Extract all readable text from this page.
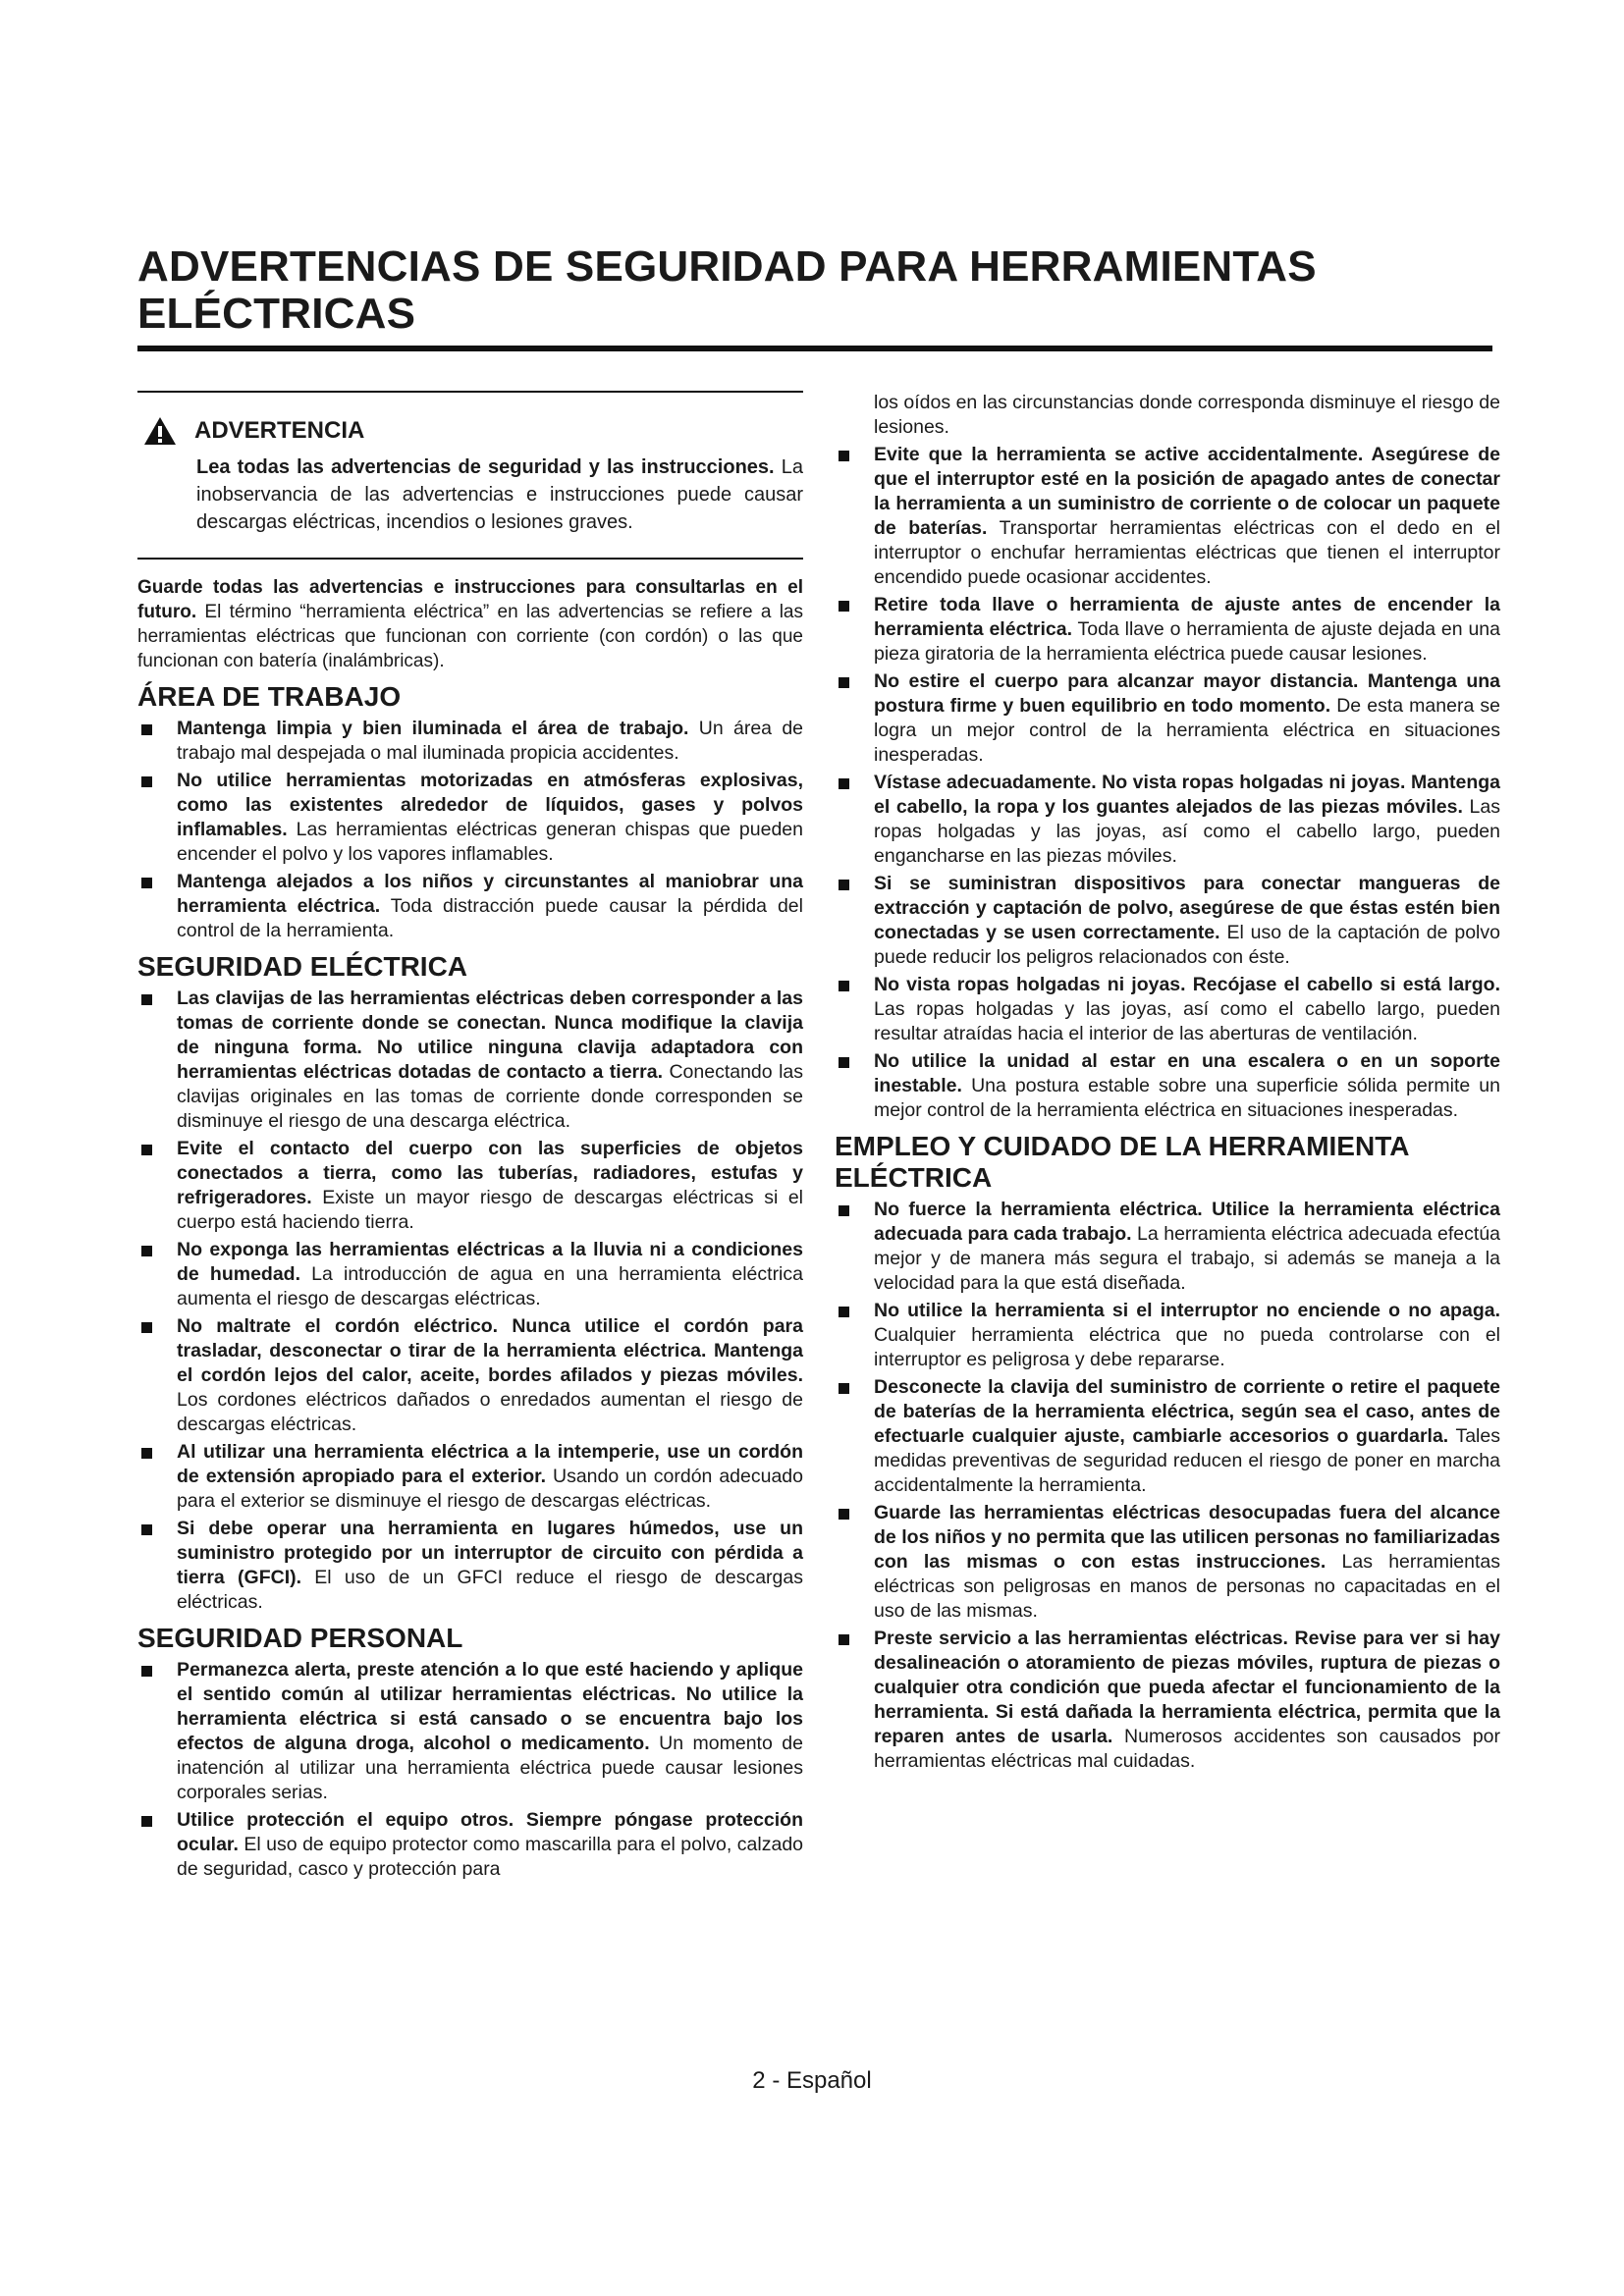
ADVERTENCIAS DE SEGURIDAD PARA HERRAMIENTAS ELÉCTRICAS
ADVERTENCIA

Lea todas las advertencias de seguridad y las instrucciones. La inobservancia de las advertencias e instrucciones puede causar descargas eléctricas, incendios o lesiones graves.

Guarde todas las advertencias e instrucciones para consultarlas en el futuro. El término “herramienta eléctrica” en las advertencias se refiere a las herramientas eléctricas que funcionan con corriente (con cordón) o las que funcionan con batería (inalámbricas).

ÁREA DE TRABAJO
Mantenga limpia y bien iluminada el área de trabajo. Un área de trabajo mal despejada o mal iluminada propicia accidentes.
No utilice herramientas motorizadas en atmósferas explosivas, como las existentes alrededor de líquidos, gases y polvos inflamables. Las herramientas eléctricas generan chispas que pueden encender el polvo y los vapores inflamables.
Mantenga alejados a los niños y circunstantes al maniobrar una herramienta eléctrica. Toda distracción puede causar la pérdida del control de la herramienta.
SEGURIDAD ELÉCTRICA
Las clavijas de las herramientas eléctricas deben corresponder a las tomas de corriente donde se conectan. Nunca modifique la clavija de ninguna forma. No utilice ninguna clavija adaptadora con herramientas eléctricas dotadas de contacto a tierra. Conectando las clavijas originales en las tomas de corriente donde corresponden se disminuye el riesgo de una descarga eléctrica.
Evite el contacto del cuerpo con las superficies de objetos conectados a tierra, como las tuberías, radiadores, estufas y refrigeradores. Existe un mayor riesgo de descargas eléctricas si el cuerpo está haciendo tierra.
No exponga las herramientas eléctricas a la lluvia ni a condiciones de humedad. La introducción de agua en una herramienta eléctrica aumenta el riesgo de descargas eléctricas.
No maltrate el cordón eléctrico. Nunca utilice el cordón para trasladar, desconectar o tirar de la herramienta eléctrica. Mantenga el cordón lejos del calor, aceite, bordes afilados y piezas móviles. Los cordones eléctricos dañados o enredados aumentan el riesgo de descargas eléctricas.
Al utilizar una herramienta eléctrica a la intemperie, use un cordón de extensión apropiado para el exterior. Usando un cordón adecuado para el exterior se disminuye el riesgo de descargas eléctricas.
Si debe operar una herramienta en lugares húmedos, use un suministro protegido por un interruptor de circuito con pérdida a tierra (GFCI). El uso de un GFCI reduce el riesgo de descargas eléctricas.
SEGURIDAD PERSONAL
Permanezca alerta, preste atención a lo que esté haciendo y aplique el sentido común al utilizar herramientas eléctricas. No utilice la herramienta eléctrica si está cansado o se encuentra bajo los efectos de alguna droga, alcohol o medicamento. Un momento de inatención al utilizar una herramienta eléctrica puede causar lesiones corporales serias.
Utilice protección el equipo otros. Siempre póngase protección ocular. El uso de equipo protector como mascarilla para el polvo, calzado de seguridad, casco y protección para

los oídos en las circunstancias donde corresponda disminuye el riesgo de lesiones.

Evite que la herramienta se active accidentalmente. Asegúrese de que el interruptor esté en la posición de apagado antes de conectar la herramienta a un suministro de corriente o de colocar un paquete de baterías. Transportar herramientas eléctricas con el dedo en el interruptor o enchufar herramientas eléctricas que tienen el interruptor encendido puede ocasionar accidentes.
Retire toda llave o herramienta de ajuste antes de encender la herramienta eléctrica. Toda llave o herramienta de ajuste dejada en una pieza giratoria de la herramienta eléctrica puede causar lesiones.
No estire el cuerpo para alcanzar mayor distancia. Mantenga una postura firme y buen equilibrio en todo momento. De esta manera se logra un mejor control de la herramienta eléctrica en situaciones inesperadas.
Vístase adecuadamente. No vista ropas holgadas ni joyas. Mantenga el cabello, la ropa y los guantes alejados de las piezas móviles. Las ropas holgadas y las joyas, así como el cabello largo, pueden engancharse en las piezas móviles.
Si se suministran dispositivos para conectar mangueras de extracción y captación de polvo, asegúrese de que éstas estén bien conectadas y se usen correctamente. El uso de la captación de polvo puede reducir los peligros relacionados con éste.
No vista ropas holgadas ni joyas. Recójase el cabello si está largo. Las ropas holgadas y las joyas, así como el cabello largo, pueden resultar atraídas hacia el interior de las aberturas de ventilación.
No utilice la unidad al estar en una escalera o en un soporte inestable. Una postura estable sobre una superficie sólida permite un mejor control de la herramienta eléctrica en situaciones inesperadas.
EMPLEO Y CUIDADO DE LA HERRAMIENTA ELÉCTRICA
No fuerce la herramienta eléctrica. Utilice la herramienta eléctrica adecuada para cada trabajo. La herramienta eléctrica adecuada efectúa mejor y de manera más segura el trabajo, si además se maneja a la velocidad para la que está diseñada.
No utilice la herramienta si el interruptor no enciende o no apaga. Cualquier herramienta eléctrica que no pueda controlarse con el interruptor es peligrosa y debe repararse.
Desconecte la clavija del suministro de corriente o retire el paquete de baterías de la herramienta eléctrica, según sea el caso, antes de efectuarle cualquier ajuste, cambiarle accesorios o guardarla. Tales medidas preventivas de seguridad reducen el riesgo de poner en marcha accidentalmente la herramienta.
Guarde las herramientas eléctricas desocupadas fuera del alcance de los niños y no permita que las utilicen personas no familiarizadas con las mismas o con estas instrucciones. Las herramientas eléctricas son peligrosas en manos de personas no capacitadas en el uso de las mismas.
Preste servicio a las herramientas eléctricas. Revise para ver si hay desalineación o atoramiento de piezas móviles, ruptura de piezas o cualquier otra condición que pueda afectar el funcionamiento de la herramienta. Si está dañada la herramienta eléctrica, permita que la reparen antes de usarla. Numerosos accidentes son causados por herramientas eléctricas mal cuidadas.
2 - Español
